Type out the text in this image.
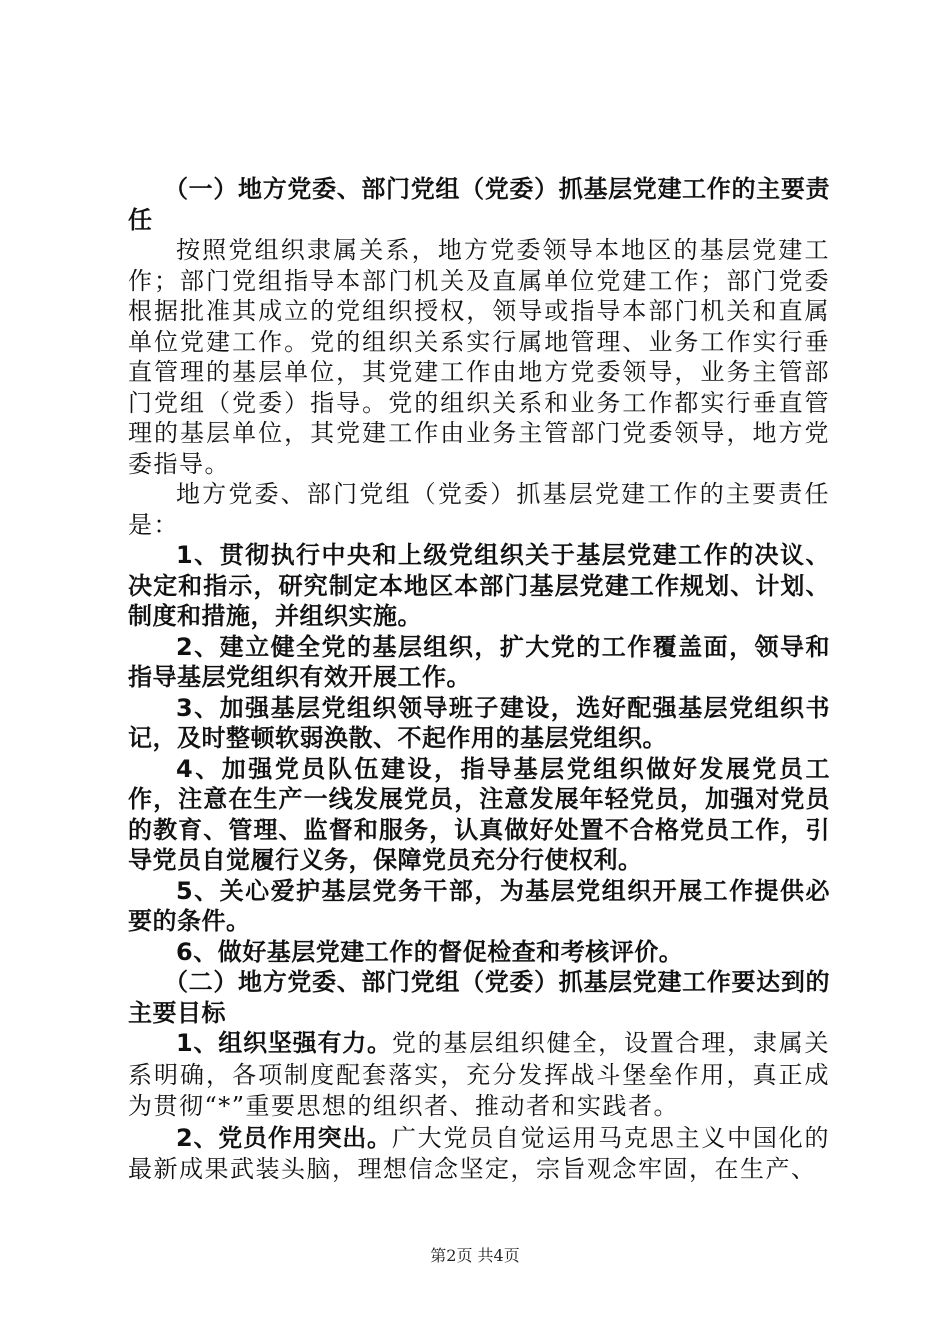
（一）地方党委、部门党组（党委）抓基层党建工作的主要责任

按照党组织隶属关系，地方党委领导本地区的基层党建工作；部门党组指导本部门机关及直属单位党建工作；部门党委根据批准其成立的党组织授权，领导或指导本部门机关和直属单位党建工作。党的组织关系实行属地管理、业务工作实行垂直管理的基层单位，其党建工作由地方党委领导，业务主管部门党组（党委）指导。党的组织关系和业务工作都实行垂直管理的基层单位，其党建工作由业务主管部门党委领导，地方党委指导。

地方党委、部门党组（党委）抓基层党建工作的主要责任是：

1、贯彻执行中央和上级党组织关于基层党建工作的决议、决定和指示，研究制定本地区本部门基层党建工作规划、计划、制度和措施，并组织实施。

2、建立健全党的基层组织，扩大党的工作覆盖面，领导和指导基层党组织有效开展工作。

3、加强基层党组织领导班子建设，选好配强基层党组织书记，及时整顿软弱涣散、不起作用的基层党组织。

4、加强党员队伍建设，指导基层党组织做好发展党员工作，注意在生产一线发展党员，注意发展年轻党员，加强对党员的教育、管理、监督和服务，认真做好处置不合格党员工作，引导党员自觉履行义务，保障党员充分行使权利。

5、关心爱护基层党务干部，为基层党组织开展工作提供必要的条件。

6、做好基层党建工作的督促检查和考核评价。

（二）地方党委、部门党组（党委）抓基层党建工作要达到的主要目标

1、组织坚强有力。党的基层组织健全，设置合理，隶属关系明确，各项制度配套落实，充分发挥战斗堡垒作用，真正成为贯彻“*”重要思想的组织者、推动者和实践者。

2、党员作用突出。广大党员自觉运用马克思主义中国化的最新成果武装头脑，理想信念坚定，宗旨观念牢固，在生产、

第2页 共4页
